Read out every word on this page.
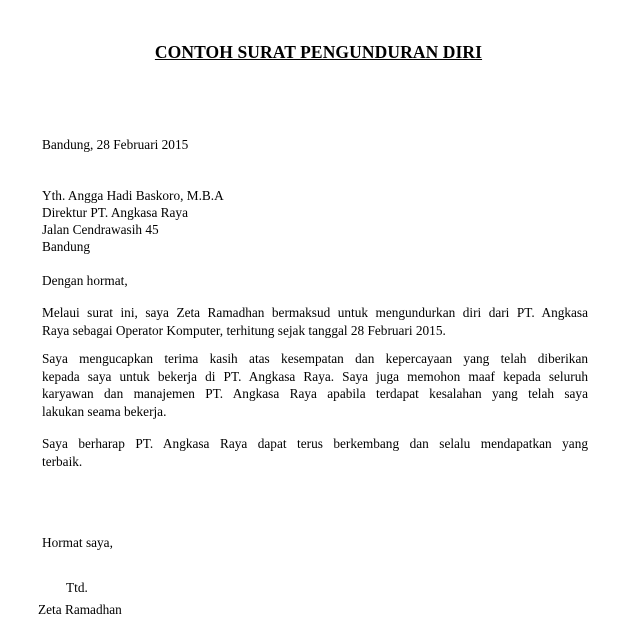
CONTOH SURAT PENGUNDURAN DIRI
Bandung, 28 Februari 2015
Yth. Angga Hadi Baskoro, M.B.A
Direktur PT. Angkasa Raya
Jalan Cendrawasih 45
Bandung
Dengan hormat,
Melaui surat ini, saya Zeta Ramadhan bermaksud untuk mengundurkan diri dari PT. Angkasa
Raya sebagai Operator Komputer, terhitung sejak tanggal 28 Februari 2015.
Saya mengucapkan terima kasih atas kesempatan dan kepercayaan yang telah diberikan
kepada saya untuk bekerja di PT. Angkasa Raya. Saya juga memohon maaf kepada seluruh
karyawan dan manajemen PT. Angkasa Raya apabila terdapat kesalahan yang telah saya
lakukan seama bekerja.
Saya berharap PT. Angkasa Raya dapat terus berkembang dan selalu mendapatkan yang
terbaik.
Hormat saya,
Ttd.
Zeta Ramadhan
